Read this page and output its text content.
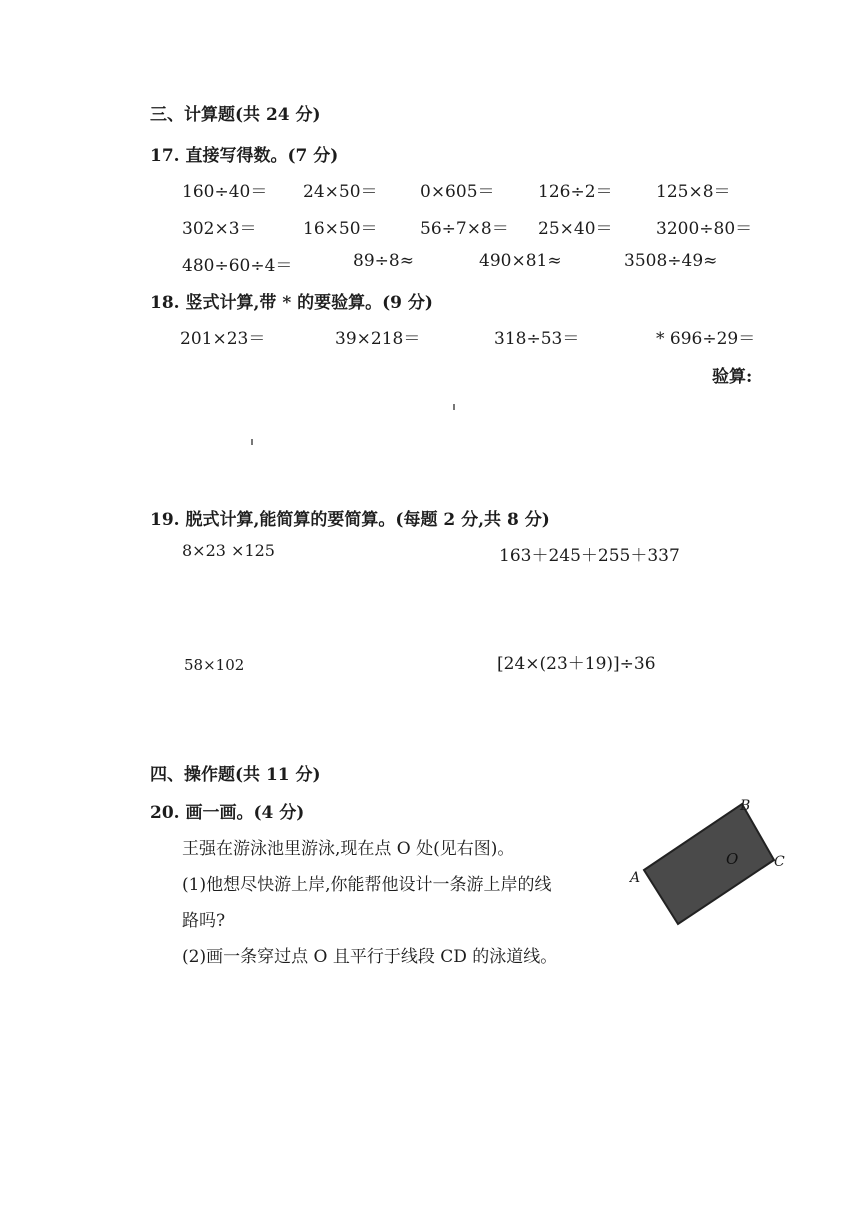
三、计算题(共 24 分)
17. 直接写得数。(7 分)
160÷40＝ 24×50＝ 0×605＝	126÷2＝	125×8＝
302×3＝	16×50＝ 56÷7×8＝ 25×40＝	3200÷80＝
480÷60÷4＝	89÷8≈	490×81≈	3508÷49≈
18. 竖式计算,带 * 的要验算。(9 分)
201×23＝	39×218＝	318÷53＝	* 696÷29＝
验算:
19. 脱式计算,能简算的要简算。(每题 2 分,共 8 分)
8×23 ×125	163＋245＋255＋337
58×102	[24×(23＋19)]÷36
四、操作题(共 11 分)
20. 画一画。(4 分)
王强在游泳池里游泳,现在点 O 处(见右图)。
(1)他想尽快游上岸,你能帮他设计一条游上岸的线
路吗?
(2)画一条穿过点 O 且平行于线段 CD 的泳道线。
A
B
C
O
